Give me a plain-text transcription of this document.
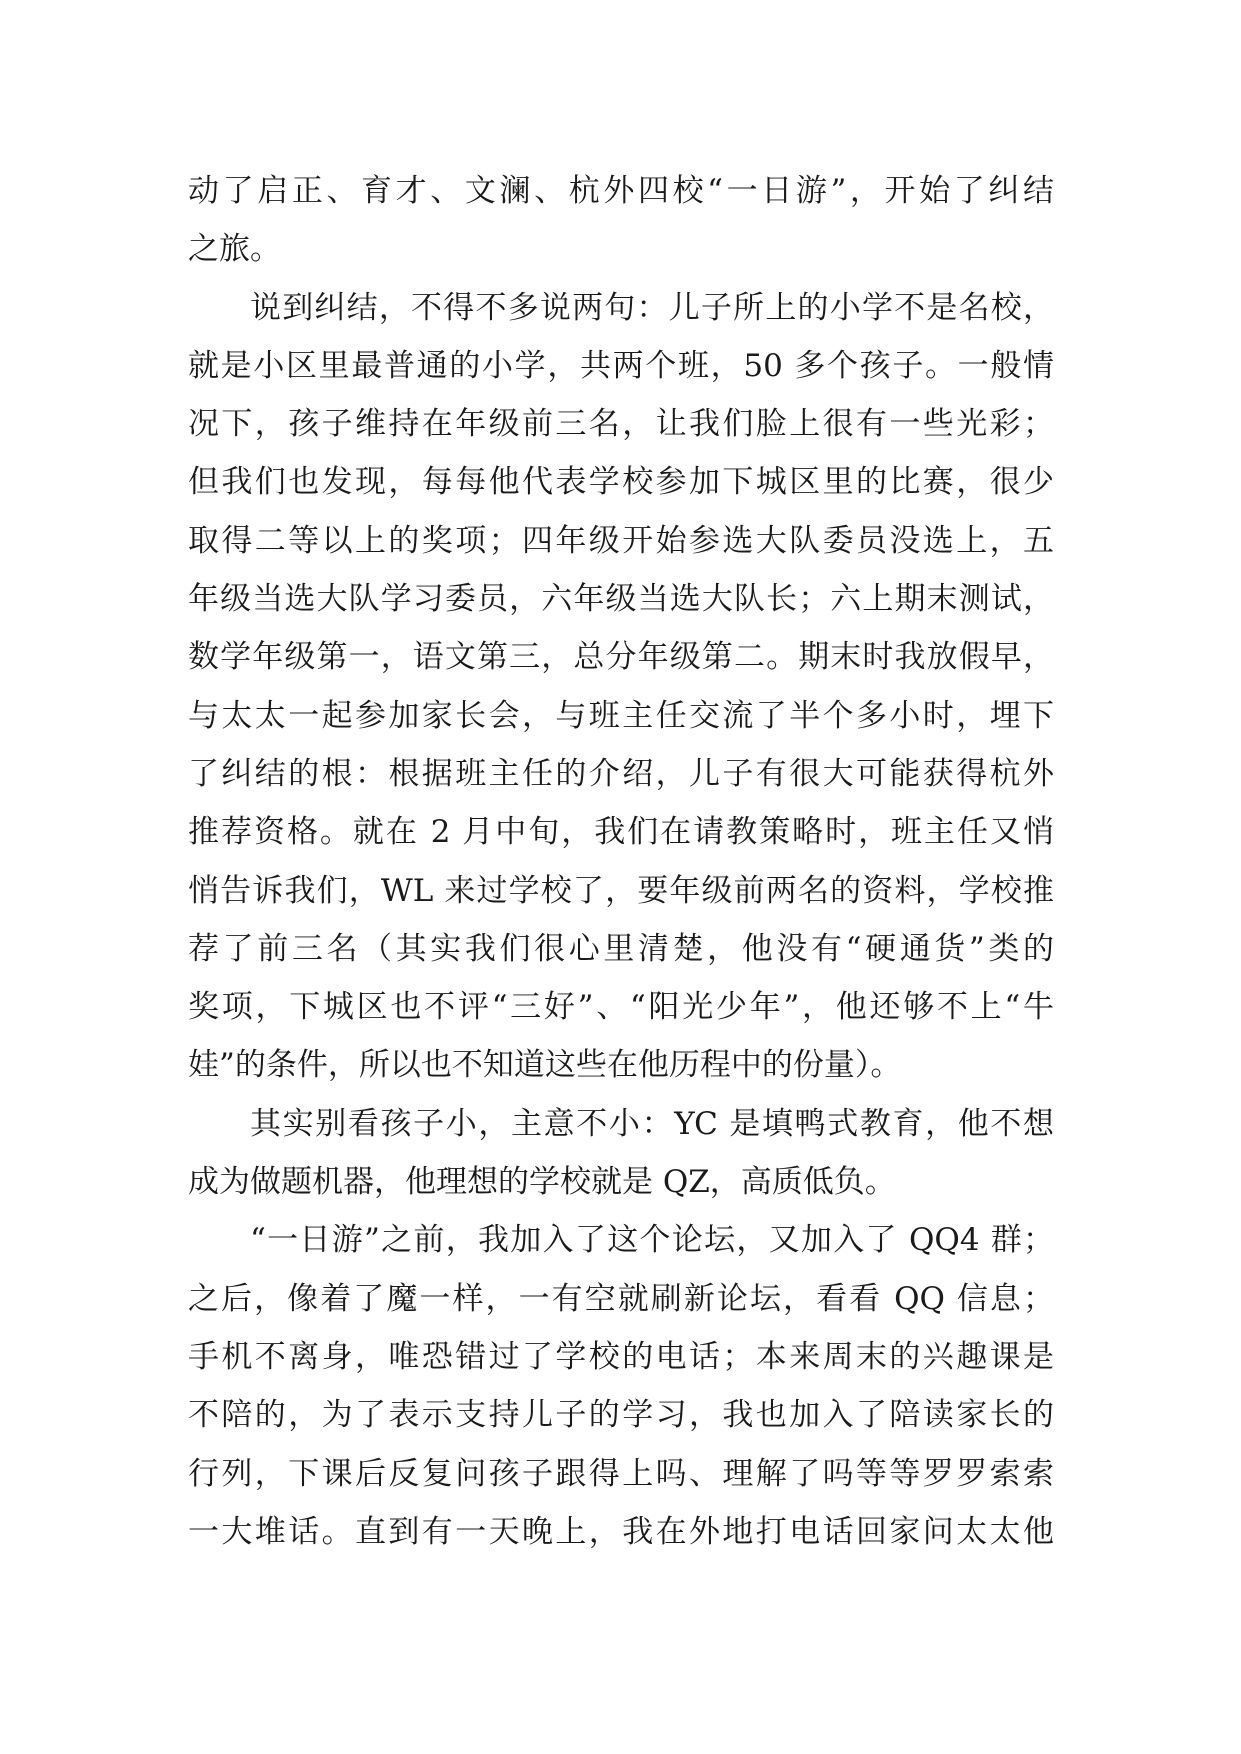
动了启正、育才、文澜、杭外四校“一日游”，开始了纠结
之旅。
说到纠结，不得不多说两句：儿子所上的小学不是名校，
就是小区里最普通的小学，共两个班，50 多个孩子。一般情
况下，孩子维持在年级前三名，让我们脸上很有一些光彩；
但我们也发现，每每他代表学校参加下城区里的比赛，很少
取得二等以上的奖项；四年级开始参选大队委员没选上，五
年级当选大队学习委员，六年级当选大队长；六上期末测试，
数学年级第一，语文第三，总分年级第二。期末时我放假早，
与太太一起参加家长会，与班主任交流了半个多小时，埋下
了纠结的根：根据班主任的介绍，儿子有很大可能获得杭外
推荐资格。就在 2 月中旬，我们在请教策略时，班主任又悄
悄告诉我们，WL 来过学校了，要年级前两名的资料，学校推
荐了前三名（其实我们很心里清楚，他没有“硬通货”类的
奖项，下城区也不评“三好”、“阳光少年”，他还够不上“牛
娃”的条件，所以也不知道这些在他历程中的份量）。
其实别看孩子小，主意不小：YC 是填鸭式教育，他不想
成为做题机器，他理想的学校就是 QZ，高质低负。
“一日游”之前，我加入了这个论坛，又加入了 QQ4 群；
之后，像着了魔一样，一有空就刷新论坛，看看 QQ 信息；
手机不离身，唯恐错过了学校的电话；本来周末的兴趣课是
不陪的，为了表示支持儿子的学习，我也加入了陪读家长的
行列，下课后反复问孩子跟得上吗、理解了吗等等罗罗索索
一大堆话。直到有一天晚上，我在外地打电话回家问太太他
